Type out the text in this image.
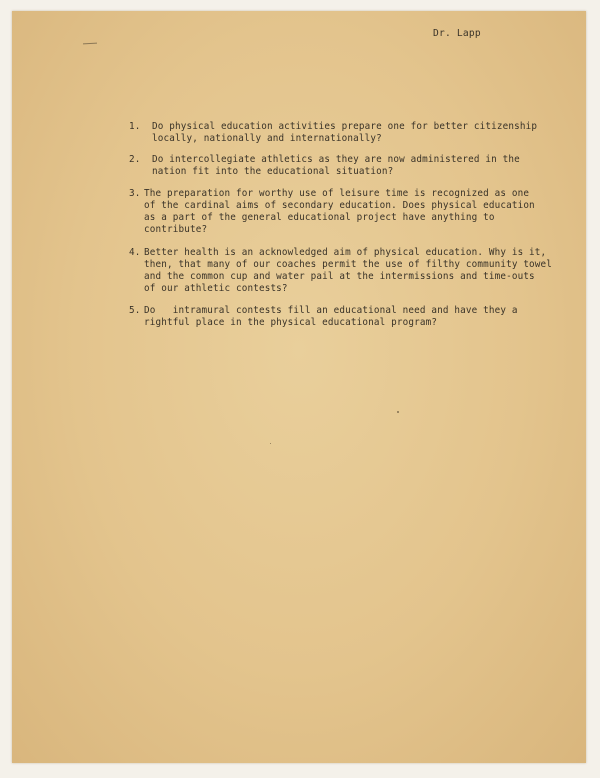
Dr. Lapp
1. Do physical education activities prepare one for better citizenship
locally, nationally and internationally?
2. Do intercollegiate athletics as they are now administered in the
nation fit into the educational situation?
3. The preparation for worthy use of leisure time is recognized as one
of the cardinal aims of secondary education. Does physical education
as a part of the general educational project have anything to
contribute?
4. Better health is an acknowledged aim of physical education. Why is it,
then, that many of our coaches permit the use of filthy community towel
and the common cup and water pail at the intermissions and time-outs
of our athletic contests?
5. Do   intramural contests fill an educational need and have they a
rightful place in the physical educational program?
